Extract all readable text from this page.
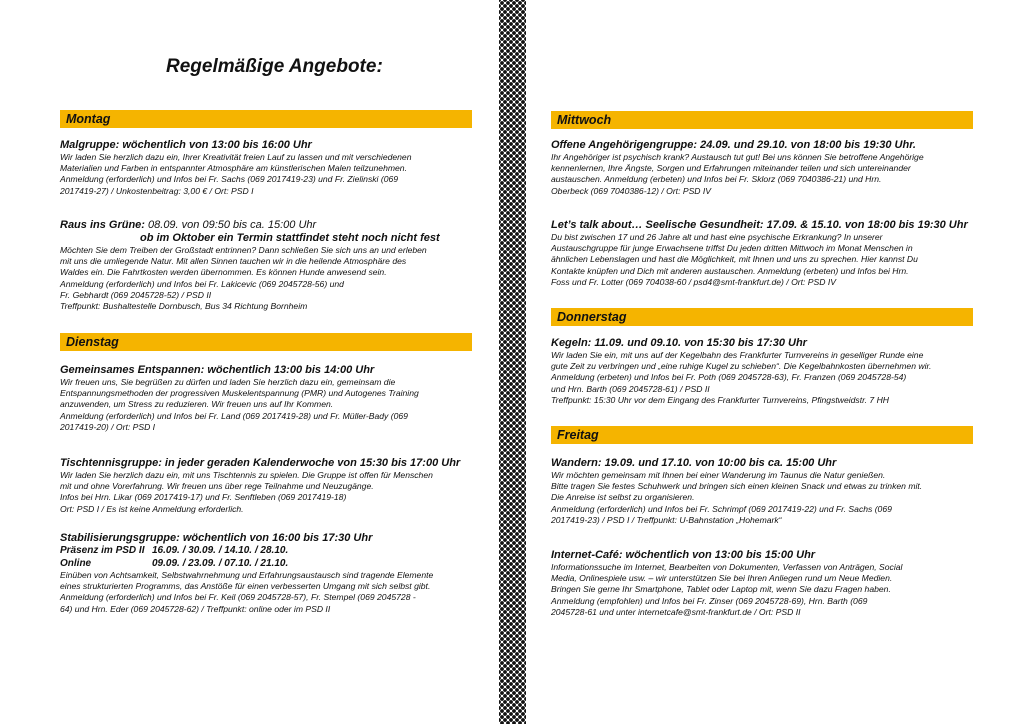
Regelmäßige Angebote:
Montag
Malgruppe: wöchentlich von 13:00 bis 16:00 Uhr
Wir laden Sie herzlich dazu ein, Ihrer Kreativität freien Lauf zu lassen und mit verschiedenen
Materialien und Farben in entspannter Atmosphäre am künstlerischen Malen teilzunehmen.
Anmeldung (erforderlich) und Infos bei Fr. Sachs (069 2017419-23) und Fr. Zielinski (069
2017419-27) / Unkostenbeitrag: 3,00 € / Ort: PSD I
Raus ins Grüne: 08.09. von 09:50 bis ca. 15:00 Uhr
ob im Oktober ein Termin stattfindet steht noch nicht fest
Möchten Sie dem Treiben der Großstadt entrinnen? Dann schließen Sie sich uns an und erleben
mit uns die umliegende Natur. Mit allen Sinnen tauchen wir in die heilende Atmosphäre des
Waldes ein. Die Fahrtkosten werden übernommen. Es können Hunde anwesend sein.
Anmeldung (erforderlich) und Infos bei Fr. Lakicevic (069 2045728-56) und
Fr. Gebhardt (069 2045728-52) / PSD II
Treffpunkt: Bushaltestelle Dornbusch, Bus 34 Richtung Bornheim
Dienstag
Gemeinsames Entspannen: wöchentlich 13:00 bis 14:00 Uhr
Wir freuen uns, Sie begrüßen zu dürfen und laden Sie herzlich dazu ein, gemeinsam die
Entspannungsmethoden der progressiven Muskelentspannung (PMR) und Autogenes Training
anzuwenden, um Stress zu reduzieren. Wir freuen uns auf Ihr Kommen.
Anmeldung (erforderlich) und Infos bei Fr. Land (069 2017419-28) und Fr. Müller-Bady (069
2017419-20) / Ort: PSD I
Tischtennisgruppe: in jeder geraden Kalenderwoche von 15:30 bis 17:00 Uhr
Wir laden Sie herzlich dazu ein, mit uns Tischtennis zu spielen. Die Gruppe ist offen für Menschen
mit und ohne Vorerfahrung. Wir freuen uns über rege Teilnahme und Neuzugänge.
Infos bei Hrn. Likar (069 2017419-17) und Fr. Senftleben (069 2017419-18)
Ort: PSD I / Es ist keine Anmeldung erforderlich.
Stabilisierungsgruppe: wöchentlich von 16:00 bis 17:30 Uhr
Präsenz im PSD II 16.09. / 30.09. / 14.10. / 28.10.
Online	09.09. / 23.09. / 07.10. / 21.10.
Einüben von Achtsamkeit, Selbstwahrnehmung und Erfahrungsaustausch sind tragende Elemente
eines strukturierten Programms, das Anstöße für einen verbesserten Umgang mit sich selbst gibt.
Anmeldung (erforderlich) und Infos bei Fr. Keil (069 2045728-57), Fr. Stempel (069 2045728 -
64) und Hrn. Eder (069 2045728-62) / Treffpunkt: online oder im PSD II
Mittwoch
Offene Angehörigengruppe: 24.09. und 29.10. von 18:00 bis 19:30 Uhr.
Ihr Angehöriger ist psychisch krank? Austausch tut gut! Bei uns können Sie betroffene Angehörige
kennenlernen, Ihre Ängste, Sorgen und Erfahrungen miteinander teilen und sich untereinander
austauschen. Anmeldung (erbeten) und Infos bei Fr. Sklorz (069 7040386-21) und Hrn.
Oberbeck (069 7040386-12) / Ort: PSD IV
Let’s talk about… Seelische Gesundheit: 17.09. & 15.10. von 18:00 bis 19:30 Uhr
Du bist zwischen 17 und 26 Jahre alt und hast eine psychische Erkrankung? In unserer
Austauschgruppe für junge Erwachsene triffst Du jeden dritten Mittwoch im Monat Menschen in
ähnlichen Lebenslagen und hast die Möglichkeit, mit Ihnen und uns zu sprechen. Hier kannst Du
Kontakte knüpfen und Dich mit anderen austauschen. Anmeldung (erbeten) und Infos bei Hrn.
Foss und Fr. Lotter (069 704038-60 / psd4@smt-frankfurt.de) / Ort: PSD IV
Donnerstag
Kegeln: 11.09. und 09.10. von 15:30 bis 17:30 Uhr
Wir laden Sie ein, mit uns auf der Kegelbahn des Frankfurter Turnvereins in geselliger Runde eine
gute Zeit zu verbringen und „eine ruhige Kugel zu schieben“. Die Kegelbahnkosten übernehmen wir.
Anmeldung (erbeten) und Infos bei Fr. Poth (069 2045728-63), Fr. Franzen (069 2045728-54)
und Hrn. Barth (069 2045728-61) / PSD II
Treffpunkt: 15:30 Uhr vor dem Eingang des Frankfurter Turnvereins, Pfingstweidstr. 7 HH
Freitag
Wandern: 19.09. und 17.10. von 10:00 bis ca. 15:00 Uhr
Wir möchten gemeinsam mit Ihnen bei einer Wanderung im Taunus die Natur genießen.
Bitte tragen Sie festes Schuhwerk und bringen sich einen kleinen Snack und etwas zu trinken mit.
Die Anreise ist selbst zu organisieren.
Anmeldung (erforderlich) und Infos bei Fr. Schrimpf (069 2017419-22) und Fr. Sachs (069
2017419-23) / PSD I / Treffpunkt: U-Bahnstation „Hohemark“
Internet-Café: wöchentlich von 13:00 bis 15:00 Uhr
Informationssuche im Internet, Bearbeiten von Dokumenten, Verfassen von Anträgen, Social
Media, Onlinespiele usw. – wir unterstützen Sie bei Ihren Anliegen rund um Neue Medien.
Bringen Sie gerne Ihr Smartphone, Tablet oder Laptop mit, wenn Sie dazu Fragen haben.
Anmeldung (empfohlen) und Infos bei Fr. Zinser (069 2045728-69), Hrn. Barth (069
2045728-61 und unter internetcafe@smt-frankfurt.de / Ort: PSD II
